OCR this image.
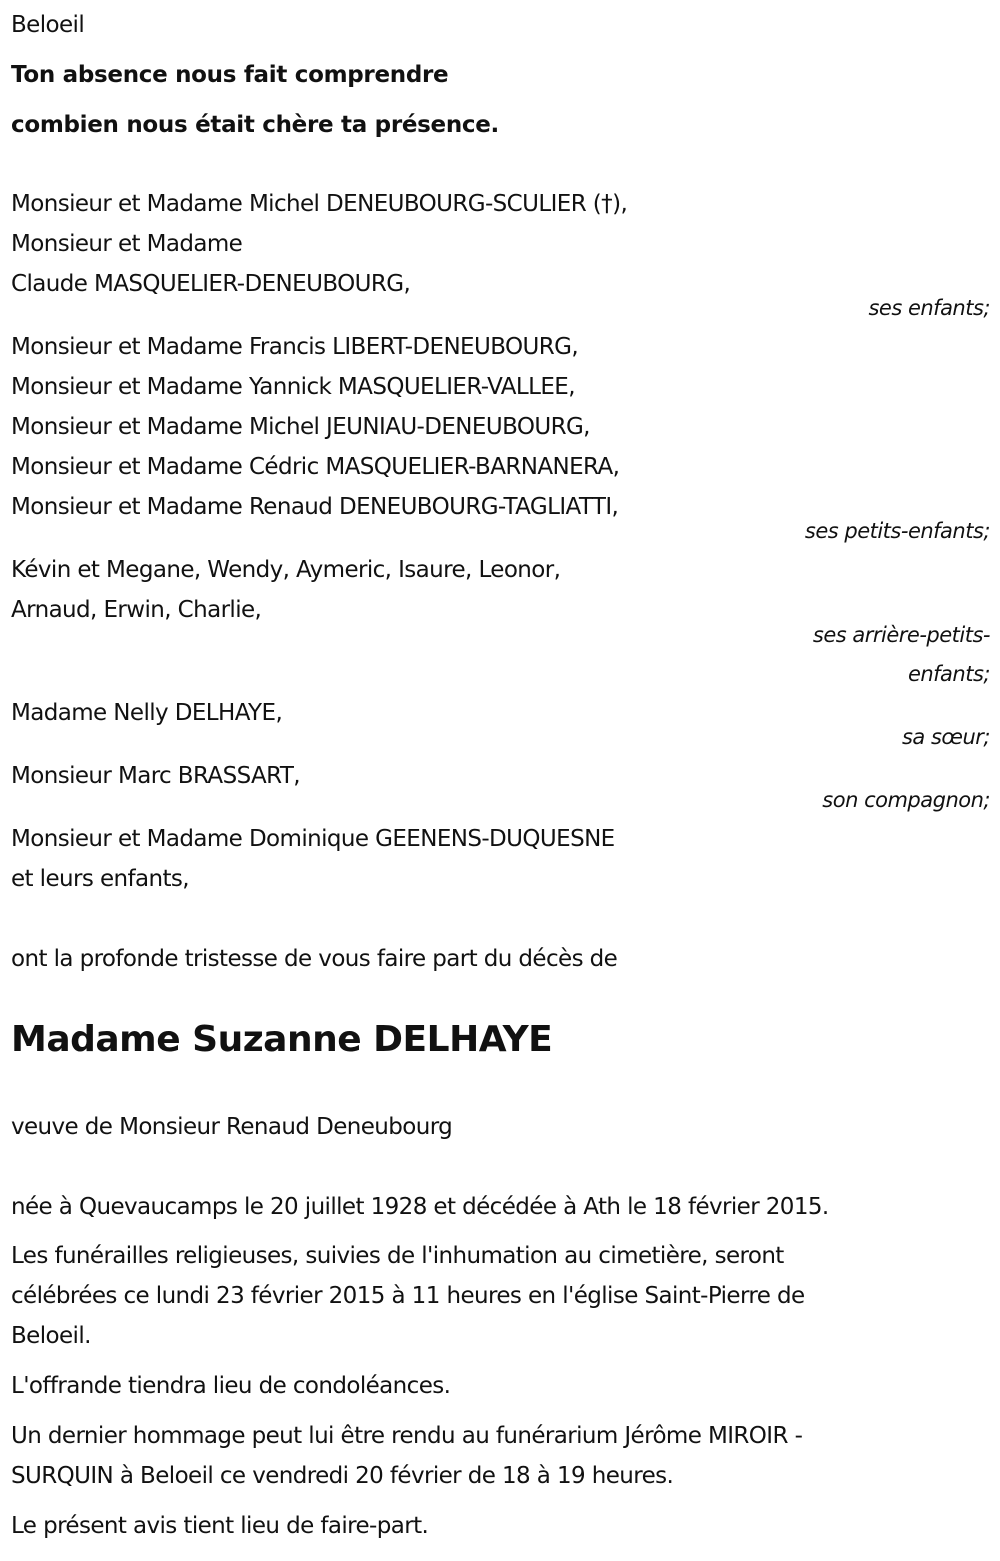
Beloeil
Ton absence nous fait comprendre
combien nous était chère ta présence.
Monsieur et Madame Michel DENEUBOURG-SCULIER (†),
Monsieur et Madame
Claude MASQUELIER-DENEUBOURG,
ses enfants;
Monsieur et Madame Francis LIBERT-DENEUBOURG,
Monsieur et Madame Yannick MASQUELIER-VALLEE,
Monsieur et Madame Michel JEUNIAU-DENEUBOURG,
Monsieur et Madame Cédric MASQUELIER-BARNANERA,
Monsieur et Madame Renaud DENEUBOURG-TAGLIATTI,
ses petits-enfants;
Kévin et Megane, Wendy, Aymeric, Isaure, Leonor,
Arnaud, Erwin, Charlie,
ses arrière-petits-
enfants;
Madame Nelly DELHAYE,
sa sœur;
Monsieur Marc BRASSART,
son compagnon;
Monsieur et Madame Dominique GEENENS-DUQUESNE
et leurs enfants,
ont la profonde tristesse de vous faire part du décès de
Madame Suzanne DELHAYE
veuve de Monsieur Renaud Deneubourg
née à Quevaucamps le 20 juillet 1928 et décédée à Ath le 18 février 2015.
Les funérailles religieuses, suivies de l'inhumation au cimetière, seront
célébrées ce lundi 23 février 2015 à 11 heures en l'église Saint-Pierre de
Beloeil.
L'offrande tiendra lieu de condoléances.
Un dernier hommage peut lui être rendu au funérarium Jérôme MIROIR -
SURQUIN à Beloeil ce vendredi 20 février de 18 à 19 heures.
Le présent avis tient lieu de faire-part.
